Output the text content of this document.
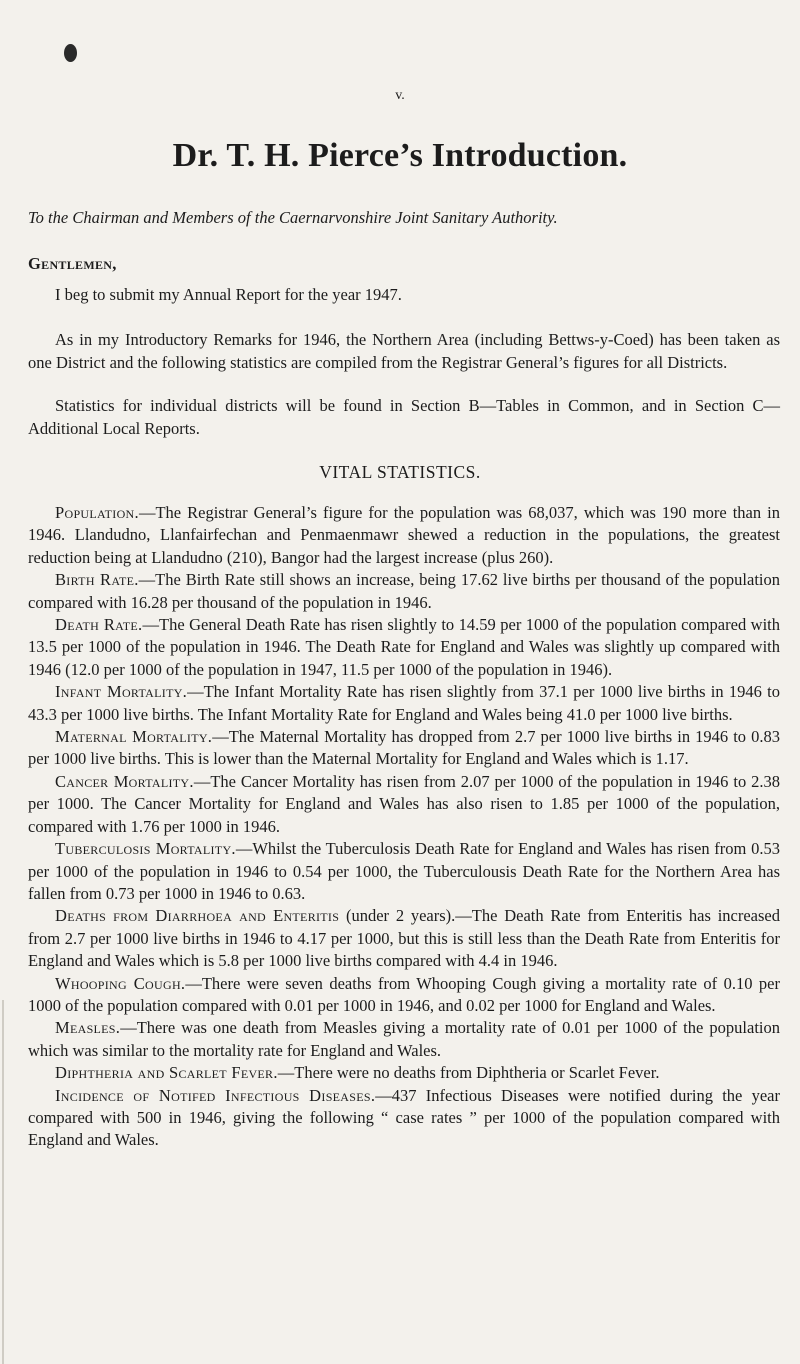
v.
Dr. T. H. Pierce’s Introduction.
To the Chairman and Members of the Caernarvonshire Joint Sanitary Authority.
Gentlemen,

I beg to submit my Annual Report for the year 1947.

As in my Introductory Remarks for 1946, the Northern Area (including Bettws-y-Coed) has been taken as one District and the following statistics are compiled from the Registrar General’s figures for all Districts.

Statistics for individual districts will be found in Section B—Tables in Common, and in Section C—Additional Local Reports.

VITAL STATISTICS.

Population.—The Registrar General’s figure for the population was 68,037, which was 190 more than in 1946. Llandudno, Llanfairfechan and Penmaenmawr shewed a reduction in the populations, the greatest reduction being at Llandudno (210), Bangor had the largest increase (plus 260).

Birth Rate.—The Birth Rate still shows an increase, being 17.62 live births per thousand of the population compared with 16.28 per thousand of the population in 1946.

Death Rate.—The General Death Rate has risen slightly to 14.59 per 1000 of the population compared with 13.5 per 1000 of the population in 1946. The Death Rate for England and Wales was slightly up compared with 1946 (12.0 per 1000 of the population in 1947, 11.5 per 1000 of the population in 1946).

Infant Mortality.—The Infant Mortality Rate has risen slightly from 37.1 per 1000 live births in 1946 to 43.3 per 1000 live births. The Infant Mortality Rate for England and Wales being 41.0 per 1000 live births.

Maternal Mortality.—The Maternal Mortality has dropped from 2.7 per 1000 live births in 1946 to 0.83 per 1000 live births. This is lower than the Maternal Mortality for England and Wales which is 1.17.

Cancer Mortality.—The Cancer Mortality has risen from 2.07 per 1000 of the population in 1946 to 2.38 per 1000. The Cancer Mortality for England and Wales has also risen to 1.85 per 1000 of the population, compared with 1.76 per 1000 in 1946.

Tuberculosis Mortality.—Whilst the Tuberculosis Death Rate for England and Wales has risen from 0.53 per 1000 of the population in 1946 to 0.54 per 1000, the Tuberculousis Death Rate for the Northern Area has fallen from 0.73 per 1000 in 1946 to 0.63.

Deaths from Diarrhoea and Enteritis (under 2 years).—The Death Rate from Enteritis has increased from 2.7 per 1000 live births in 1946 to 4.17 per 1000, but this is still less than the Death Rate from Enteritis for England and Wales which is 5.8 per 1000 live births compared with 4.4 in 1946.

Whooping Cough.—There were seven deaths from Whooping Cough giving a mortality rate of 0.10 per 1000 of the population compared with 0.01 per 1000 in 1946, and 0.02 per 1000 for England and Wales.

Measles.—There was one death from Measles giving a mortality rate of 0.01 per 1000 of the population which was similar to the mortality rate for England and Wales.

Diphtheria and Scarlet Fever.—There were no deaths from Diphtheria or Scarlet Fever.

Incidence of Notifed Infectious Diseases.—437 Infectious Diseases were notified during the year compared with 500 in 1946, giving the following “ case rates ” per 1000 of the population compared with England and Wales.
